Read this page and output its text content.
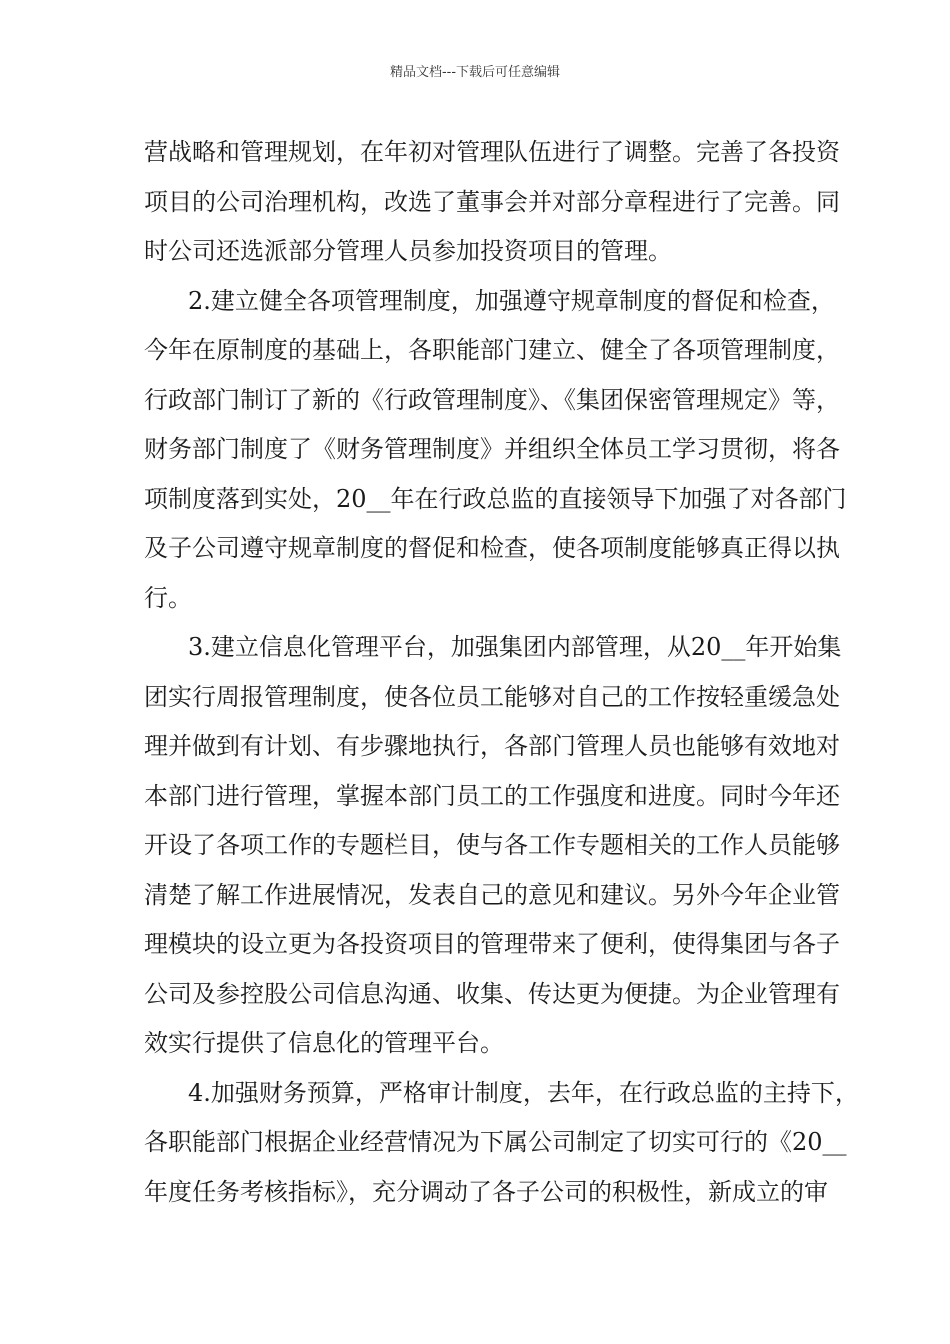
精品文档---下载后可任意编辑
营战略和管理规划，在年初对管理队伍进行了调整。完善了各投资
项目的公司治理机构，改选了董事会并对部分章程进行了完善。同
时公司还选派部分管理人员参加投资项目的管理。
2.建立健全各项管理制度，加强遵守规章制度的督促和检查，
今年在原制度的基础上，各职能部门建立、健全了各项管理制度，
行政部门制订了新的《行政管理制度》、《集团保密管理规定》等，
财务部门制度了《财务管理制度》并组织全体员工学习贯彻，将各
项制度落到实处，20__年在行政总监的直接领导下加强了对各部门
及子公司遵守规章制度的督促和检查，使各项制度能够真正得以执
行。
3.建立信息化管理平台，加强集团内部管理，从20__年开始集
团实行周报管理制度，使各位员工能够对自己的工作按轻重缓急处
理并做到有计划、有步骤地执行，各部门管理人员也能够有效地对
本部门进行管理，掌握本部门员工的工作强度和进度。同时今年还
开设了各项工作的专题栏目，使与各工作专题相关的工作人员能够
清楚了解工作进展情况，发表自己的意见和建议。另外今年企业管
理模块的设立更为各投资项目的管理带来了便利，使得集团与各子
公司及参控股公司信息沟通、收集、传达更为便捷。为企业管理有
效实行提供了信息化的管理平台。
4.加强财务预算，严格审计制度，去年，在行政总监的主持下，
各职能部门根据企业经营情况为下属公司制定了切实可行的《20__
年度任务考核指标》，充分调动了各子公司的积极性，新成立的审
